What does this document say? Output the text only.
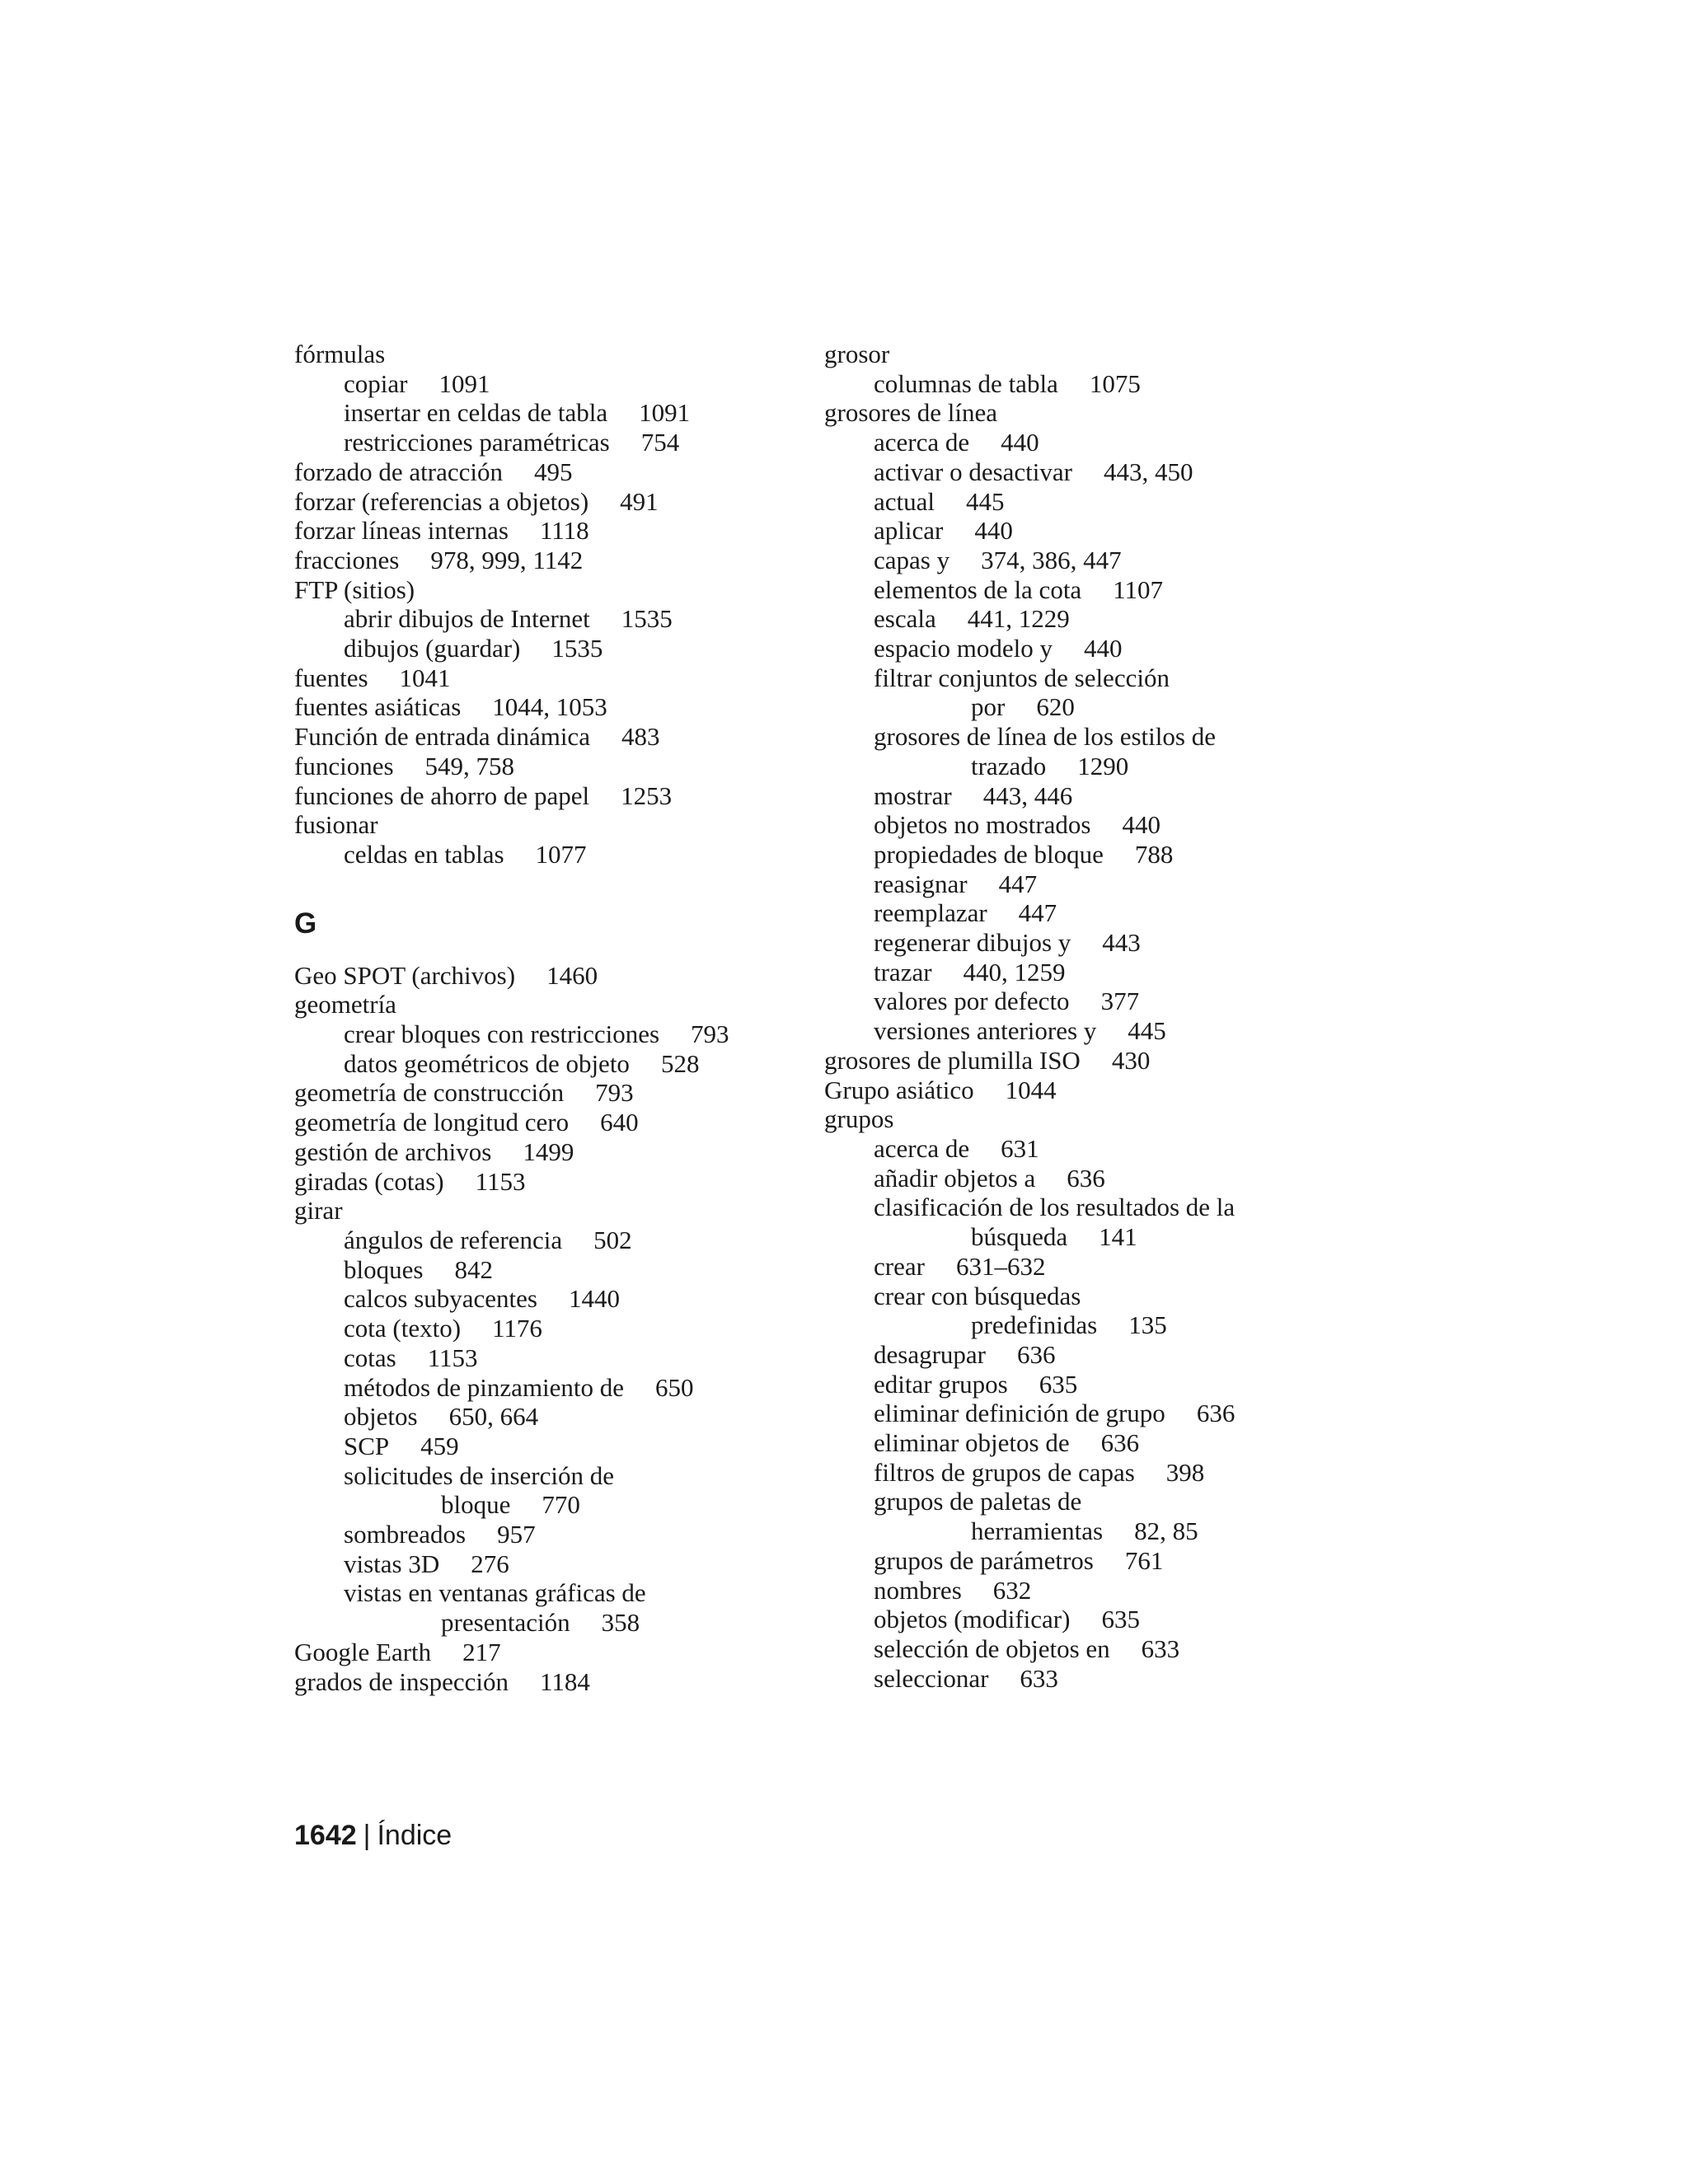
fórmulas
copiar 1091
insertar en celdas de tabla 1091
restricciones paramétricas 754
forzado de atracción 495
forzar (referencias a objetos) 491
forzar líneas internas 1118
fracciones 978, 999, 1142
FTP (sitios)
abrir dibujos de Internet 1535
dibujos (guardar) 1535
fuentes 1041
fuentes asiáticas 1044, 1053
Función de entrada dinámica 483
funciones 549, 758
funciones de ahorro de papel 1253
fusionar
celdas en tablas 1077
G
Geo SPOT (archivos) 1460
geometría
crear bloques con restricciones 793
datos geométricos de objeto 528
geometría de construcción 793
geometría de longitud cero 640
gestión de archivos 1499
giradas (cotas) 1153
girar
ángulos de referencia 502
bloques 842
calcos subyacentes 1440
cota (texto) 1176
cotas 1153
métodos de pinzamiento de 650
objetos 650, 664
SCP 459
solicitudes de inserción de
bloque 770
sombreados 957
vistas 3D 276
vistas en ventanas gráficas de
presentación 358
Google Earth 217
grados de inspección 1184
grosor
columnas de tabla 1075
grosores de línea
acerca de 440
activar o desactivar 443, 450
actual 445
aplicar 440
capas y 374, 386, 447
elementos de la cota 1107
escala 441, 1229
espacio modelo y 440
filtrar conjuntos de selección
por 620
grosores de línea de los estilos de
trazado 1290
mostrar 443, 446
objetos no mostrados 440
propiedades de bloque 788
reasignar 447
reemplazar 447
regenerar dibujos y 443
trazar 440, 1259
valores por defecto 377
versiones anteriores y 445
grosores de plumilla ISO 430
Grupo asiático 1044
grupos
acerca de 631
añadir objetos a 636
clasificación de los resultados de la
búsqueda 141
crear 631–632
crear con búsquedas
predefinidas 135
desagrupar 636
editar grupos 635
eliminar definición de grupo 636
eliminar objetos de 636
filtros de grupos de capas 398
grupos de paletas de
herramientas 82, 85
grupos de parámetros 761
nombres 632
objetos (modificar) 635
selección de objetos en 633
seleccionar 633
1642 | Índice
